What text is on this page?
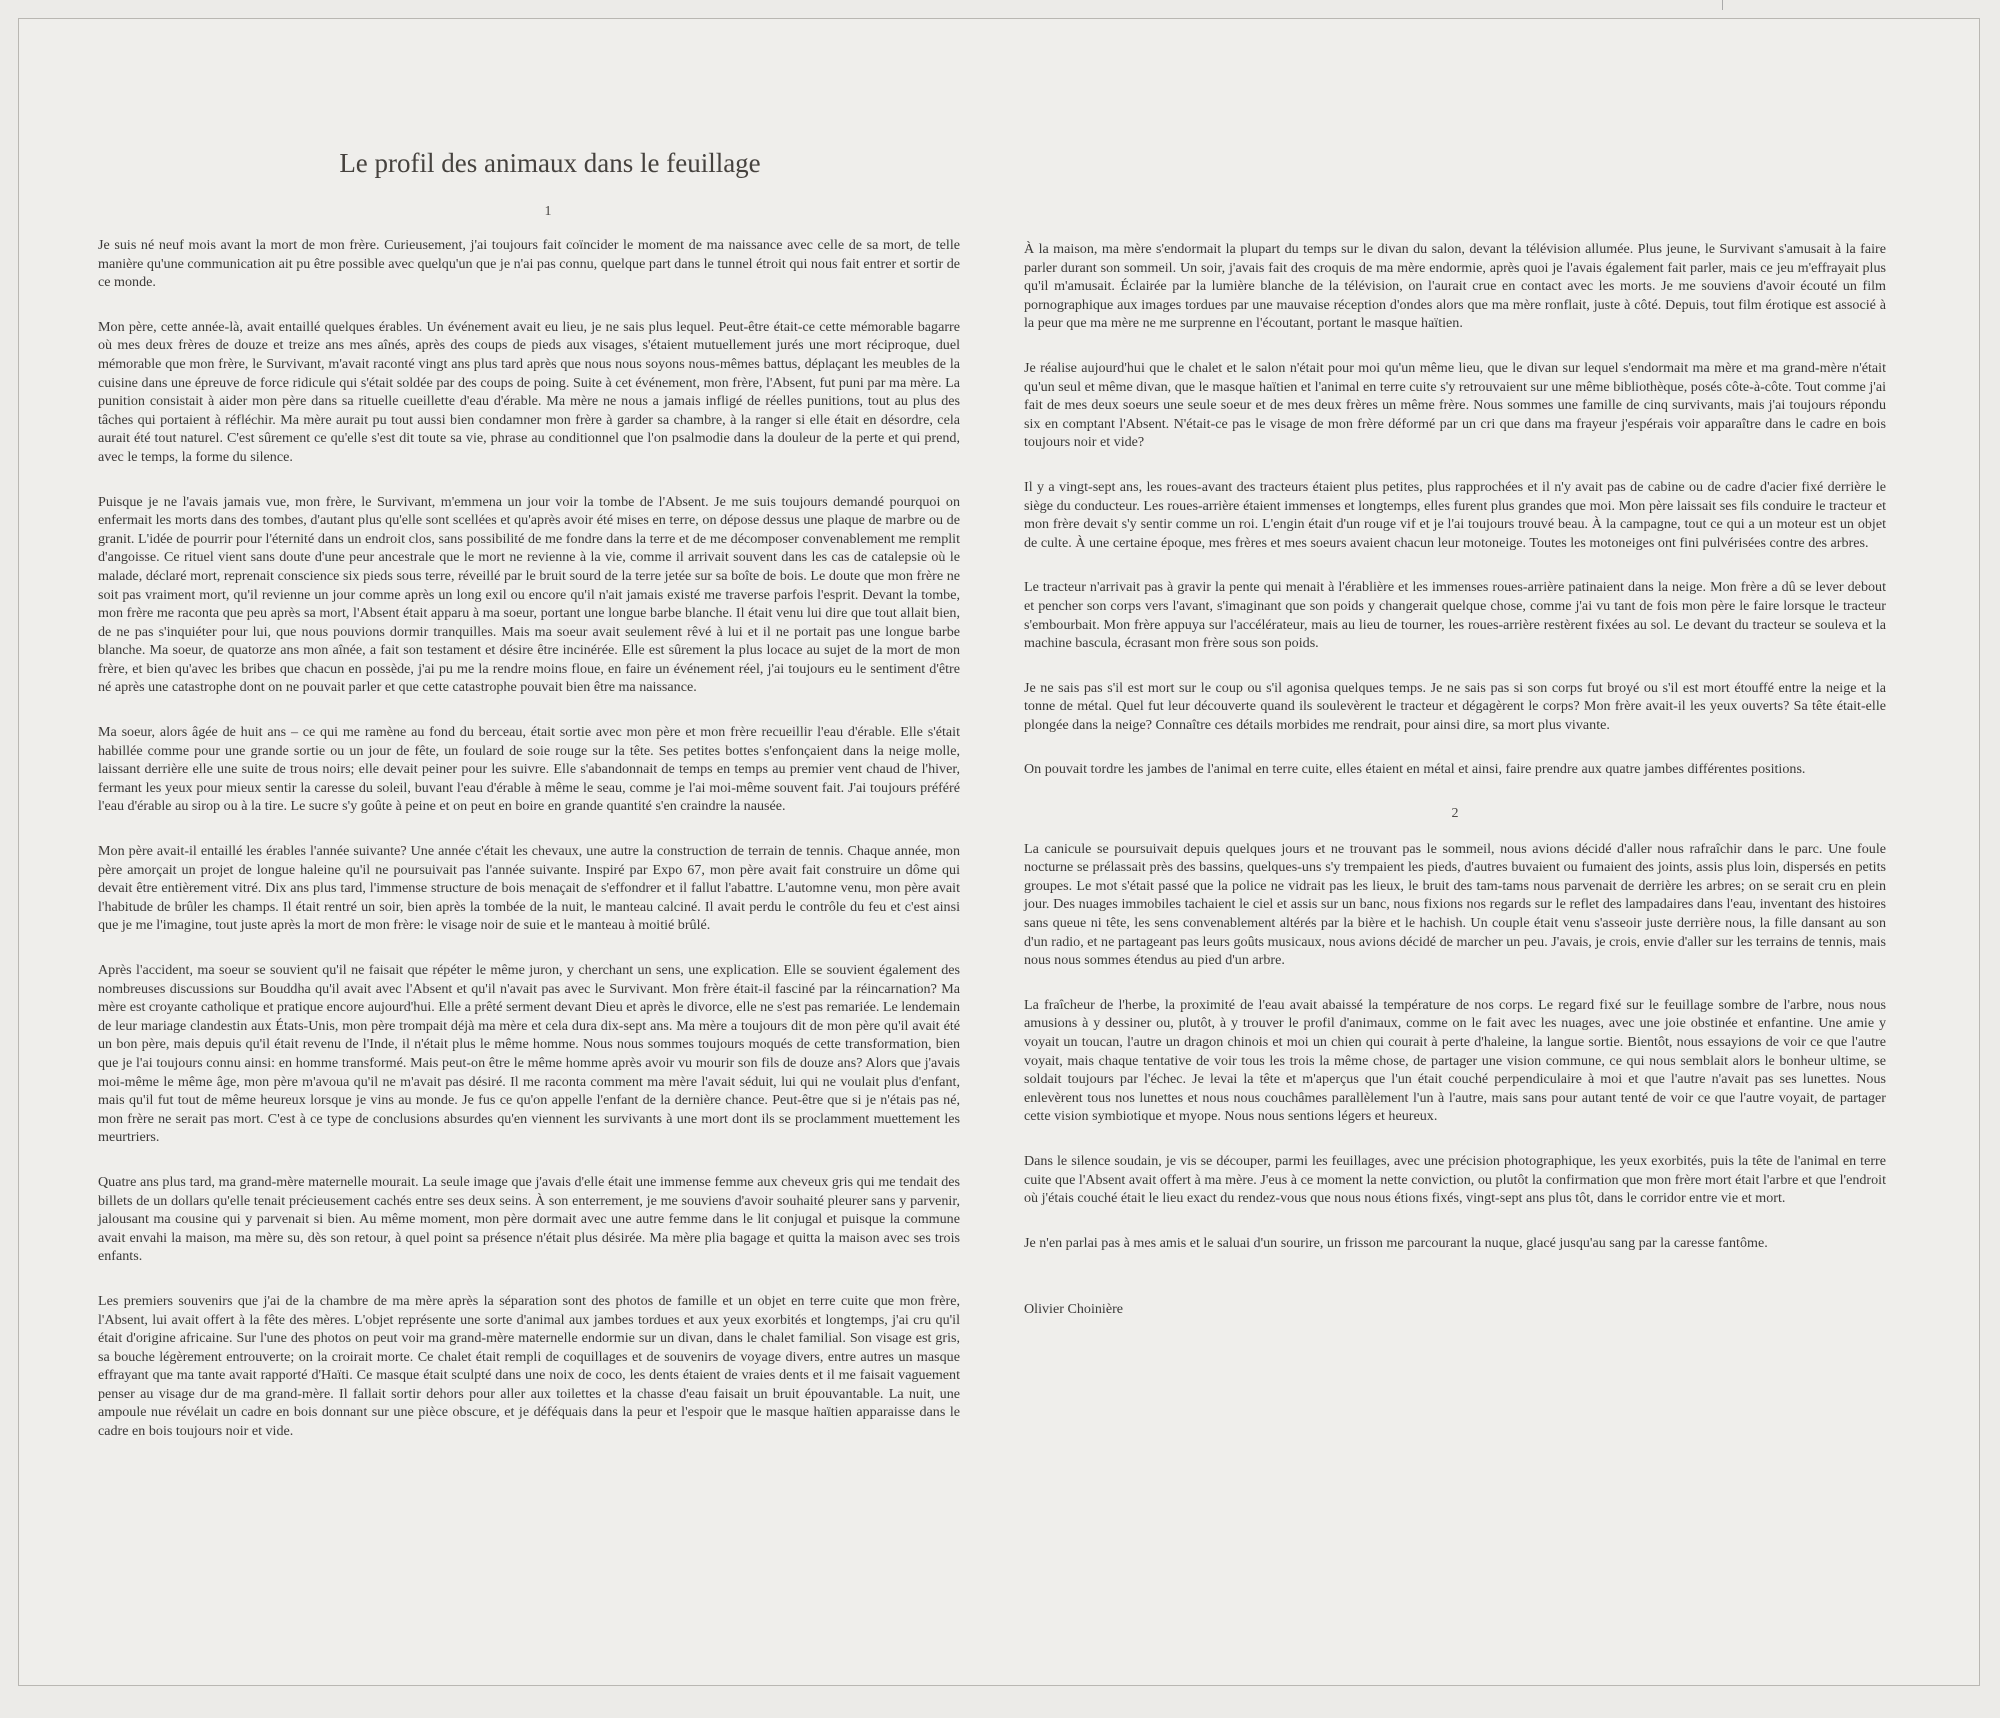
Le profil des animaux dans le feuillage
1

Je suis né neuf mois avant la mort de mon frère. Curieusement, j'ai toujours fait coïncider le moment de ma naissance avec celle de sa mort, de telle manière qu'une communication ait pu être possible avec quelqu'un que je n'ai pas connu, quelque part dans le tunnel étroit qui nous fait entrer et sortir de ce monde.

Mon père, cette année-là, avait entaillé quelques érables. Un événement avait eu lieu, je ne sais plus lequel. Peut-être était-ce cette mémorable bagarre où mes deux frères de douze et treize ans mes aînés, après des coups de pieds aux visages, s'étaient mutuellement jurés une mort réciproque, duel mémorable que mon frère, le Survivant, m'avait raconté vingt ans plus tard après que nous nous soyons nous-mêmes battus, déplaçant les meubles de la cuisine dans une épreuve de force ridicule qui s'était soldée par des coups de poing. Suite à cet événement, mon frère, l'Absent, fut puni par ma mère. La punition consistait à aider mon père dans sa rituelle cueillette d'eau d'érable. Ma mère ne nous a jamais infligé de réelles punitions, tout au plus des tâches qui portaient à réfléchir. Ma mère aurait pu tout aussi bien condamner mon frère à garder sa chambre, à la ranger si elle était en désordre, cela aurait été tout naturel. C'est sûrement ce qu'elle s'est dit toute sa vie, phrase au conditionnel que l'on psalmodie dans la douleur de la perte et qui prend, avec le temps, la forme du silence.

Puisque je ne l'avais jamais vue, mon frère, le Survivant, m'emmena un jour voir la tombe de l'Absent. Je me suis toujours demandé pourquoi on enfermait les morts dans des tombes, d'autant plus qu'elle sont scellées et qu'après avoir été mises en terre, on dépose dessus une plaque de marbre ou de granit. L'idée de pourrir pour l'éternité dans un endroit clos, sans possibilité de me fondre dans la terre et de me décomposer convenablement me remplit d'angoisse. Ce rituel vient sans doute d'une peur ancestrale que le mort ne revienne à la vie, comme il arrivait souvent dans les cas de catalepsie où le malade, déclaré mort, reprenait conscience six pieds sous terre, réveillé par le bruit sourd de la terre jetée sur sa boîte de bois. Le doute que mon frère ne soit pas vraiment mort, qu'il revienne un jour comme après un long exil ou encore qu'il n'ait jamais existé me traverse parfois l'esprit. Devant la tombe, mon frère me raconta que peu après sa mort, l'Absent était apparu à ma soeur, portant une longue barbe blanche. Il était venu lui dire que tout allait bien, de ne pas s'inquiéter pour lui, que nous pouvions dormir tranquilles. Mais ma soeur avait seulement rêvé à lui et il ne portait pas une longue barbe blanche. Ma soeur, de quatorze ans mon aînée, a fait son testament et désire être incinérée. Elle est sûrement la plus locace au sujet de la mort de mon frère, et bien qu'avec les bribes que chacun en possède, j'ai pu me la rendre moins floue, en faire un événement réel, j'ai toujours eu le sentiment d'être né après une catastrophe dont on ne pouvait parler et que cette catastrophe pouvait bien être ma naissance.

Ma soeur, alors âgée de huit ans – ce qui me ramène au fond du berceau, était sortie avec mon père et mon frère recueillir l'eau d'érable. Elle s'était habillée comme pour une grande sortie ou un jour de fête, un foulard de soie rouge sur la tête. Ses petites bottes s'enfonçaient dans la neige molle, laissant derrière elle une suite de trous noirs; elle devait peiner pour les suivre. Elle s'abandonnait de temps en temps au premier vent chaud de l'hiver, fermant les yeux pour mieux sentir la caresse du soleil, buvant l'eau d'érable à même le seau, comme je l'ai moi-même souvent fait. J'ai toujours préféré l'eau d'érable au sirop ou à la tire. Le sucre s'y goûte à peine et on peut en boire en grande quantité s'en craindre la nausée.

Mon père avait-il entaillé les érables l'année suivante? Une année c'était les chevaux, une autre la construction de terrain de tennis. Chaque année, mon père amorçait un projet de longue haleine qu'il ne poursuivait pas l'année suivante. Inspiré par Expo 67, mon père avait fait construire un dôme qui devait être entièrement vitré. Dix ans plus tard, l'immense structure de bois menaçait de s'effondrer et il fallut l'abattre. L'automne venu, mon père avait l'habitude de brûler les champs. Il était rentré un soir, bien après la tombée de la nuit, le manteau calciné. Il avait perdu le contrôle du feu et c'est ainsi que je me l'imagine, tout juste après la mort de mon frère: le visage noir de suie et le manteau à moitié brûlé.

Après l'accident, ma soeur se souvient qu'il ne faisait que répéter le même juron, y cherchant un sens, une explication. Elle se souvient également des nombreuses discussions sur Bouddha qu'il avait avec l'Absent et qu'il n'avait pas avec le Survivant. Mon frère était-il fasciné par la réincarnation? Ma mère est croyante catholique et pratique encore aujourd'hui. Elle a prêté serment devant Dieu et après le divorce, elle ne s'est pas remariée. Le lendemain de leur mariage clandestin aux États-Unis, mon père trompait déjà ma mère et cela dura dix-sept ans. Ma mère a toujours dit de mon père qu'il avait été un bon père, mais depuis qu'il était revenu de l'Inde, il n'était plus le même homme. Nous nous sommes toujours moqués de cette transformation, bien que je l'ai toujours connu ainsi: en homme transformé. Mais peut-on être le même homme après avoir vu mourir son fils de douze ans? Alors que j'avais moi-même le même âge, mon père m'avoua qu'il ne m'avait pas désiré. Il me raconta comment ma mère l'avait séduit, lui qui ne voulait plus d'enfant, mais qu'il fut tout de même heureux lorsque je vins au monde. Je fus ce qu'on appelle l'enfant de la dernière chance. Peut-être que si je n'étais pas né, mon frère ne serait pas mort. C'est à ce type de conclusions absurdes qu'en viennent les survivants à une mort dont ils se proclamment muettement les meurtriers.

Quatre ans plus tard, ma grand-mère maternelle mourait. La seule image que j'avais d'elle était une immense femme aux cheveux gris qui me tendait des billets de un dollars qu'elle tenait précieusement cachés entre ses deux seins. À son enterrement, je me souviens d'avoir souhaité pleurer sans y parvenir, jalousant ma cousine qui y parvenait si bien. Au même moment, mon père dormait avec une autre femme dans le lit conjugal et puisque la commune avait envahi la maison, ma mère su, dès son retour, à quel point sa présence n'était plus désirée. Ma mère plia bagage et quitta la maison avec ses trois enfants.

Les premiers souvenirs que j'ai de la chambre de ma mère après la séparation sont des photos de famille et un objet en terre cuite que mon frère, l'Absent, lui avait offert à la fête des mères. L'objet représente une sorte d'animal aux jambes tordues et aux yeux exorbités et longtemps, j'ai cru qu'il était d'origine africaine. Sur l'une des photos on peut voir ma grand-mère maternelle endormie sur un divan, dans le chalet familial. Son visage est gris, sa bouche légèrement entrouverte; on la croirait morte. Ce chalet était rempli de coquillages et de souvenirs de voyage divers, entre autres un masque effrayant que ma tante avait rapporté d'Haïti. Ce masque était sculpté dans une noix de coco, les dents étaient de vraies dents et il me faisait vaguement penser au visage dur de ma grand-mère. Il fallait sortir dehors pour aller aux toilettes et la chasse d'eau faisait un bruit épouvantable. La nuit, une ampoule nue révélait un cadre en bois donnant sur une pièce obscure, et je déféquais dans la peur et l'espoir que le masque haïtien apparaisse dans le cadre en bois toujours noir et vide.

À la maison, ma mère s'endormait la plupart du temps sur le divan du salon, devant la télévision allumée. Plus jeune, le Survivant s'amusait à la faire parler durant son sommeil. Un soir, j'avais fait des croquis de ma mère endormie, après quoi je l'avais également fait parler, mais ce jeu m'effrayait plus qu'il m'amusait. Éclairée par la lumière blanche de la télévision, on l'aurait crue en contact avec les morts. Je me souviens d'avoir écouté un film pornographique aux images tordues par une mauvaise réception d'ondes alors que ma mère ronflait, juste à côté. Depuis, tout film érotique est associé à la peur que ma mère ne me surprenne en l'écoutant, portant le masque haïtien.

Je réalise aujourd'hui que le chalet et le salon n'était pour moi qu'un même lieu, que le divan sur lequel s'endormait ma mère et ma grand-mère n'était qu'un seul et même divan, que le masque haïtien et l'animal en terre cuite s'y retrouvaient sur une même bibliothèque, posés côte-à-côte. Tout comme j'ai fait de mes deux soeurs une seule soeur et de mes deux frères un même frère. Nous sommes une famille de cinq survivants, mais j'ai toujours répondu six en comptant l'Absent. N'était-ce pas le visage de mon frère déformé par un cri que dans ma frayeur j'espérais voir apparaître dans le cadre en bois toujours noir et vide?

Il y a vingt-sept ans, les roues-avant des tracteurs étaient plus petites, plus rapprochées et il n'y avait pas de cabine ou de cadre d'acier fixé derrière le siège du conducteur. Les roues-arrière étaient immenses et longtemps, elles furent plus grandes que moi. Mon père laissait ses fils conduire le tracteur et mon frère devait s'y sentir comme un roi. L'engin était d'un rouge vif et je l'ai toujours trouvé beau. À la campagne, tout ce qui a un moteur est un objet de culte. À une certaine époque, mes frères et mes soeurs avaient chacun leur motoneige. Toutes les motoneiges ont fini pulvérisées contre des arbres.

Le tracteur n'arrivait pas à gravir la pente qui menait à l'érablière et les immenses roues-arrière patinaient dans la neige. Mon frère a dû se lever debout et pencher son corps vers l'avant, s'imaginant que son poids y changerait quelque chose, comme j'ai vu tant de fois mon père le faire lorsque le tracteur s'embourbait. Mon frère appuya sur l'accélérateur, mais au lieu de tourner, les roues-arrière restèrent fixées au sol. Le devant du tracteur se souleva et la machine bascula, écrasant mon frère sous son poids.

Je ne sais pas s'il est mort sur le coup ou s'il agonisa quelques temps. Je ne sais pas si son corps fut broyé ou s'il est mort étouffé entre la neige et la tonne de métal. Quel fut leur découverte quand ils soulevèrent le tracteur et dégagèrent le corps? Mon frère avait-il les yeux ouverts? Sa tête était-elle plongée dans la neige? Connaître ces détails morbides me rendrait, pour ainsi dire, sa mort plus vivante.

On pouvait tordre les jambes de l'animal en terre cuite, elles étaient en métal et ainsi, faire prendre aux quatre jambes différentes positions.

2

La canicule se poursuivait depuis quelques jours et ne trouvant pas le sommeil, nous avions décidé d'aller nous rafraîchir dans le parc. Une foule nocturne se prélassait près des bassins, quelques-uns s'y trempaient les pieds, d'autres buvaient ou fumaient des joints, assis plus loin, dispersés en petits groupes. Le mot s'était passé que la police ne vidrait pas les lieux, le bruit des tam-tams nous parvenait de derrière les arbres; on se serait cru en plein jour. Des nuages immobiles tachaient le ciel et assis sur un banc, nous fixions nos regards sur le reflet des lampadaires dans l'eau, inventant des histoires sans queue ni tête, les sens convenablement altérés par la bière et le hachish. Un couple était venu s'asseoir juste derrière nous, la fille dansant au son d'un radio, et ne partageant pas leurs goûts musicaux, nous avions décidé de marcher un peu. J'avais, je crois, envie d'aller sur les terrains de tennis, mais nous nous sommes étendus au pied d'un arbre.

La fraîcheur de l'herbe, la proximité de l'eau avait abaissé la température de nos corps. Le regard fixé sur le feuillage sombre de l'arbre, nous nous amusions à y dessiner ou, plutôt, à y trouver le profil d'animaux, comme on le fait avec les nuages, avec une joie obstinée et enfantine. Une amie y voyait un toucan, l'autre un dragon chinois et moi un chien qui courait à perte d'haleine, la langue sortie. Bientôt, nous essayions de voir ce que l'autre voyait, mais chaque tentative de voir tous les trois la même chose, de partager une vision commune, ce qui nous semblait alors le bonheur ultime, se soldait toujours par l'échec. Je levai la tête et m'aperçus que l'un était couché perpendiculaire à moi et que l'autre n'avait pas ses lunettes. Nous enlevèrent tous nos lunettes et nous nous couchâmes parallèlement l'un à l'autre, mais sans pour autant tenté de voir ce que l'autre voyait, de partager cette vision symbiotique et myope. Nous nous sentions légers et heureux.

Dans le silence soudain, je vis se découper, parmi les feuillages, avec une précision photographique, les yeux exorbités, puis la tête de l'animal en terre cuite que l'Absent avait offert à ma mère. J'eus à ce moment la nette conviction, ou plutôt la confirmation que mon frère mort était l'arbre et que l'endroit où j'étais couché était le lieu exact du rendez-vous que nous nous étions fixés, vingt-sept ans plus tôt, dans le corridor entre vie et mort.

Je n'en parlai pas à mes amis et le saluai d'un sourire, un frisson me parcourant la nuque, glacé jusqu'au sang par la caresse fantôme.

Olivier Choinière
